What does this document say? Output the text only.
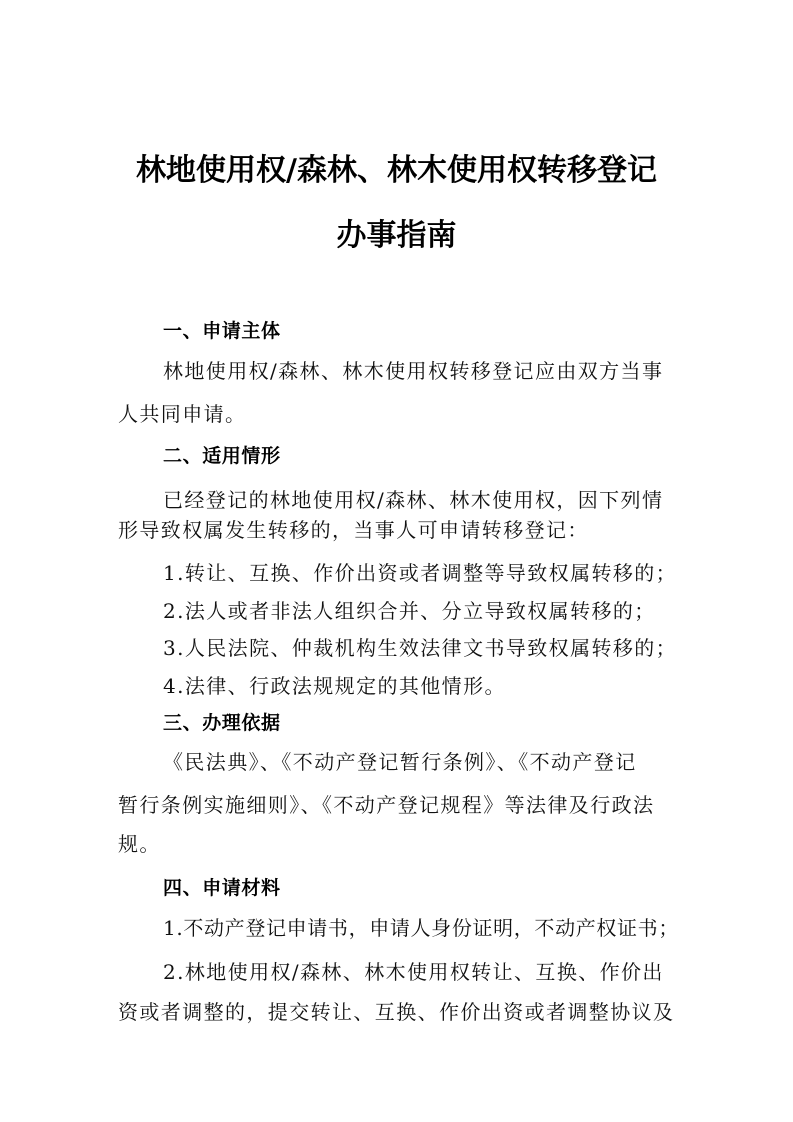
林地使用权/森林、林木使用权转移登记
办事指南
一、申请主体
林地使用权/森林、林木使用权转移登记应由双方当事
人共同申请。
二、适用情形
已经登记的林地使用权/森林、林木使用权，因下列情
形导致权属发生转移的，当事人可申请转移登记：
1.转让、互换、作价出资或者调整等导致权属转移的；
2.法人或者非法人组织合并、分立导致权属转移的；
3.人民法院、仲裁机构生效法律文书导致权属转移的；
4.法律、行政法规规定的其他情形。
三、办理依据
《民法典》、《不动产登记暂行条例》、《不动产登记
暂行条例实施细则》、《不动产登记规程》等法律及行政法
规。
四、申请材料
1.不动产登记申请书，申请人身份证明，不动产权证书；
2.林地使用权/森林、林木使用权转让、互换、作价出
资或者调整的，提交转让、互换、作价出资或者调整协议及
